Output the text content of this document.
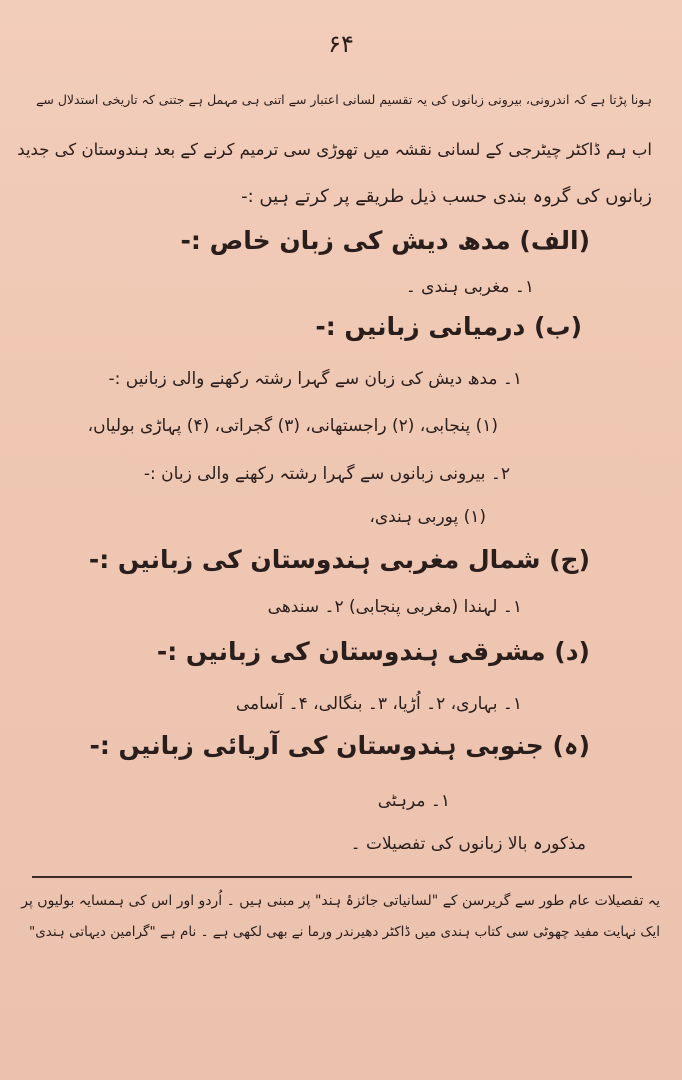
۶۴
ہونا پڑتا ہے کہ اندرونی، بیرونی زبانوں کی یہ تقسیم لسانی اعتبار سے اتنی ہی مہمل ہے جتنی کہ تاریخی استدلال سے
اب ہم ڈاکٹر چیٹرجی کے لسانی نقشہ میں تھوڑی سی ترمیم کرنے کے بعد ہندوستان کی جدید
زبانوں کی گروہ بندی حسب ذیل طریقے پر کرتے ہیں :-
(الف) مدھ دیش کی زبان خاص :-
۱۔ مغربی ہندی ۔
(ب) درمیانی زبانیں :-
۱۔ مدھ دیش کی زبان سے گہرا رشتہ رکھنے والی زبانیں :-
(۱) پنجابی، (۲) راجستھانی، (۳) گجراتی، (۴) پہاڑی بولیاں،
۲۔ بیرونی زبانوں سے گہرا رشتہ رکھنے والی زبان :-
(۱) پوربی ہندی،
(ج) شمال مغربی ہندوستان کی زبانیں :-
۱۔ لہندا (مغربی پنجابی) ۲۔ سندھی
(د) مشرقی ہندوستان کی زبانیں :-
۱۔ بہاری، ۲۔ اُڑیا، ۳۔ بنگالی، ۴۔ آسامی
(ہ) جنوبی ہندوستان کی آریائی زبانیں :-
۱۔ مرہٹی
مذکورہ بالا زبانوں کی تفصیلات ۔
یہ تفصیلات عام طور سے گریرسن کے "لسانیاتی جائزۂ ہند" پر مبنی ہیں ۔ اُردو اور اس کی ہمسایہ بولیوں پر
ایک نہایت مفید چھوٹی سی کتاب ہندی میں ڈاکٹر دھیرندر ورما نے بھی لکھی ہے ۔ نام ہے "گرامین دیہاتی ہندی"
